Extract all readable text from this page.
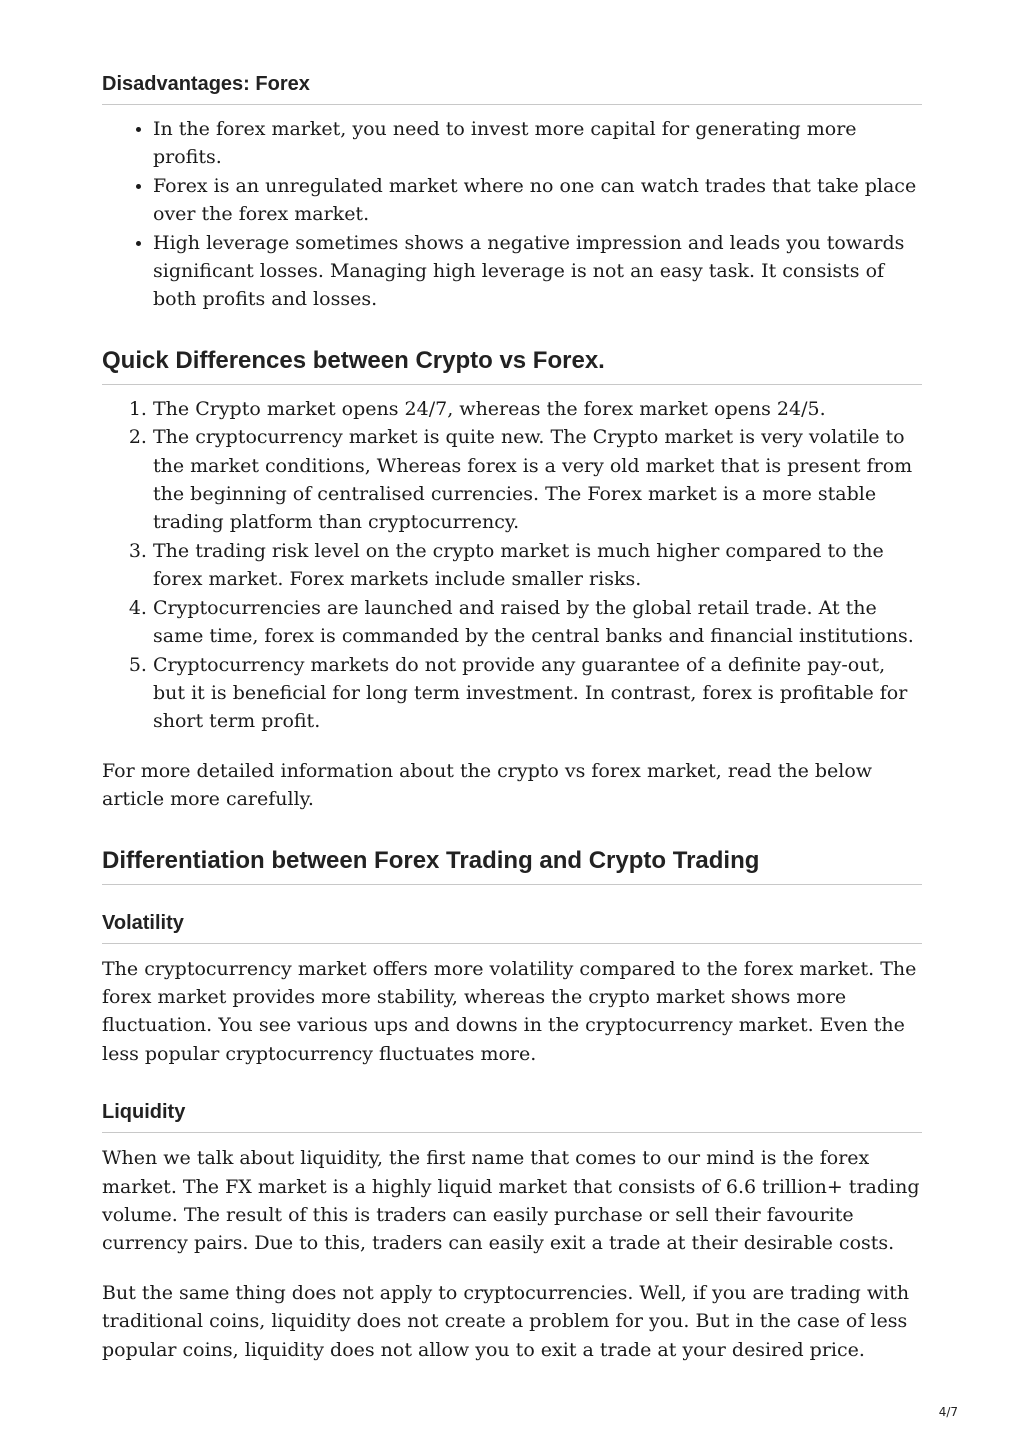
Disadvantages: Forex
• In the forex market, you need to invest more capital for generating more profits.
• Forex is an unregulated market where no one can watch trades that take place over the forex market.
• High leverage sometimes shows a negative impression and leads you towards significant losses. Managing high leverage is not an easy task. It consists of both profits and losses.
Quick Differences between Crypto vs Forex.
1. The Crypto market opens 24/7, whereas the forex market opens 24/5.
2. The cryptocurrency market is quite new. The Crypto market is very volatile to the market conditions, Whereas forex is a very old market that is present from the beginning of centralised currencies. The Forex market is a more stable trading platform than cryptocurrency.
3. The trading risk level on the crypto market is much higher compared to the forex market. Forex markets include smaller risks.
4. Cryptocurrencies are launched and raised by the global retail trade. At the same time, forex is commanded by the central banks and financial institutions.
5. Cryptocurrency markets do not provide any guarantee of a definite pay-out, but it is beneficial for long term investment. In contrast, forex is profitable for short term profit.

For more detailed information about the crypto vs forex market, read the below article more carefully.

Differentiation between Forex Trading and Crypto Trading
Volatility

The cryptocurrency market offers more volatility compared to the forex market. The forex market provides more stability, whereas the crypto market shows more fluctuation. You see various ups and downs in the cryptocurrency market. Even the less popular cryptocurrency fluctuates more.

Liquidity

When we talk about liquidity, the first name that comes to our mind is the forex market. The FX market is a highly liquid market that consists of 6.6 trillion+ trading volume. The result of this is traders can easily purchase or sell their favourite currency pairs. Due to this, traders can easily exit a trade at their desirable costs.

But the same thing does not apply to cryptocurrencies. Well, if you are trading with traditional coins, liquidity does not create a problem for you. But in the case of less popular coins, liquidity does not allow you to exit a trade at your desired price.

4/7
